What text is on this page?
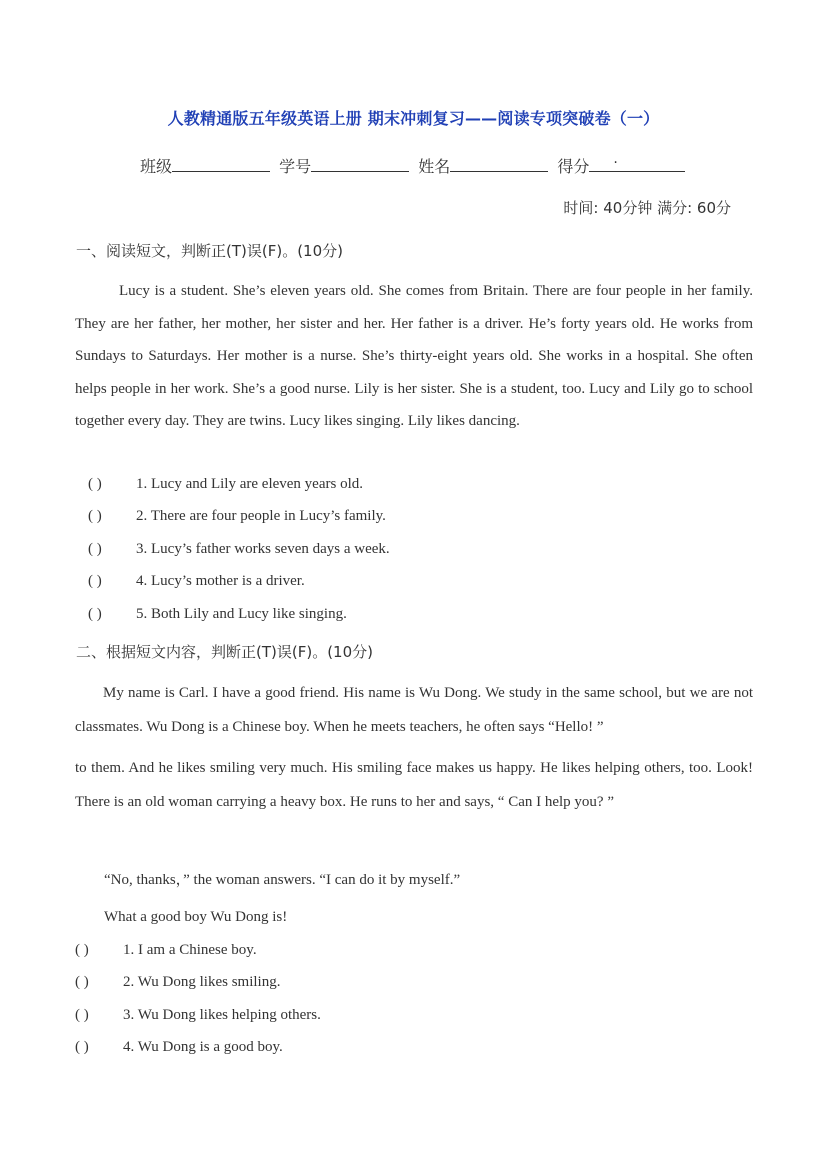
人教精通版五年级英语上册 期末冲刺复习——阅读专项突破卷（一）
班级	学号	姓名	得分 .
时间: 40分钟 满分: 60分
一、阅读短文，判断正(T)误(F)。(10分)
Lucy is a student. She’s eleven years old. She comes from Britain. There are four people in her family. They are her father, her mother, her sister and her. Her father is a driver. He’s forty years old. He works from Sundays to Saturdays. Her mother is a nurse. She’s thirty-eight years old. She works in a hospital. She often helps people in her work. She’s a good nurse. Lily is her sister. She is a student, too. Lucy and Lily go to school together every day. They are twins. Lucy likes singing. Lily likes dancing.
( ) 1. Lucy and Lily are eleven years old.
( ) 2. There are four people in Lucy’s family.
( ) 3. Lucy’s father works seven days a week.
( ) 4. Lucy’s mother is a driver.
( ) 5. Both Lily and Lucy like singing.
二、根据短文内容，判断正(T)误(F)。(10分)
My name is Carl. I have a good friend. His name is Wu Dong. We study in the same school, but we are not classmates. Wu Dong is a Chinese boy. When he meets teachers, he often says “Hello! ”
to them. And he likes smiling very much. His smiling face makes us happy. He likes helping others, too. Look! There is an old woman carrying a heavy box. He runs to her and says, “ Can I help you? ”
“No, thanks，” the woman answers. “I can do it by myself.”
What a good boy Wu Dong is!
( ) 1. I am a Chinese boy.
( ) 2. Wu Dong likes smiling.
( ) 3. Wu Dong likes helping others.
( ) 4. Wu Dong is a good boy.
